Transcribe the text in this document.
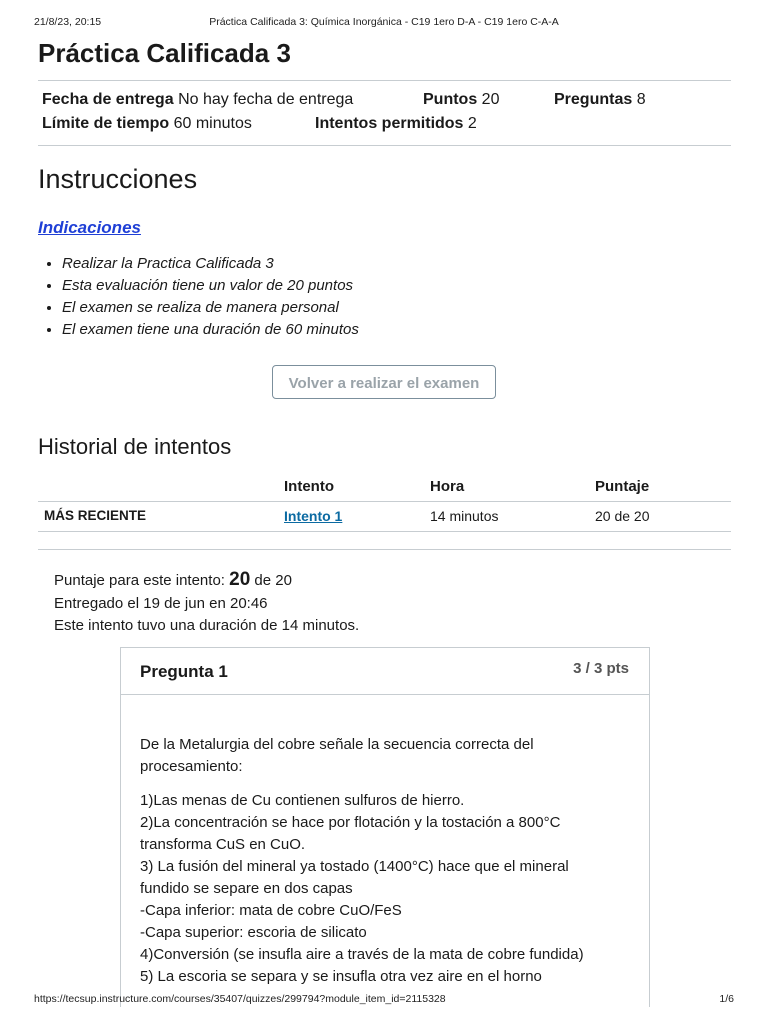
21/8/23, 20:15	Práctica Calificada 3: Química Inorgánica - C19 1ero D-A - C19 1ero C-A-A
Práctica Calificada 3
Fecha de entrega No hay fecha de entrega	Puntos 20	Preguntas 8
Límite de tiempo 60 minutos	Intentos permitidos 2
Instrucciones
Indicaciones
• Realizar la Practica Calificada 3
• Esta evaluación tiene un valor de 20 puntos
• El examen se realiza de manera personal
• El examen tiene una duración de 60 minutos
Volver a realizar el examen
Historial de intentos
Intento	Hora	Puntaje
MÁS RECIENTE	Intento 1	14 minutos	20 de 20
Puntaje para este intento: 20 de 20
Entregado el 19 de jun en 20:46
Este intento tuvo una duración de 14 minutos.
Pregunta 1	3 / 3 pts

De la Metalurgia del cobre señale la secuencia correcta del procesamiento:

1)Las menas de Cu contienen sulfuros de hierro.

2)La concentración se hace por flotación y la tostación a 800°C transforma CuS en CuO.

3) La fusión del mineral ya tostado (1400°C) hace que el mineral fundido se separe en dos capas

-Capa inferior: mata de cobre CuO/FeS

-Capa superior: escoria de silicato

4)Conversión (se insufla aire a través de la mata de cobre fundida)

5) La escoria se separa y se insufla otra vez aire en el horno

https://tecsup.instructure.com/courses/35407/quizzes/299794?module_item_id=2115328	1/6
